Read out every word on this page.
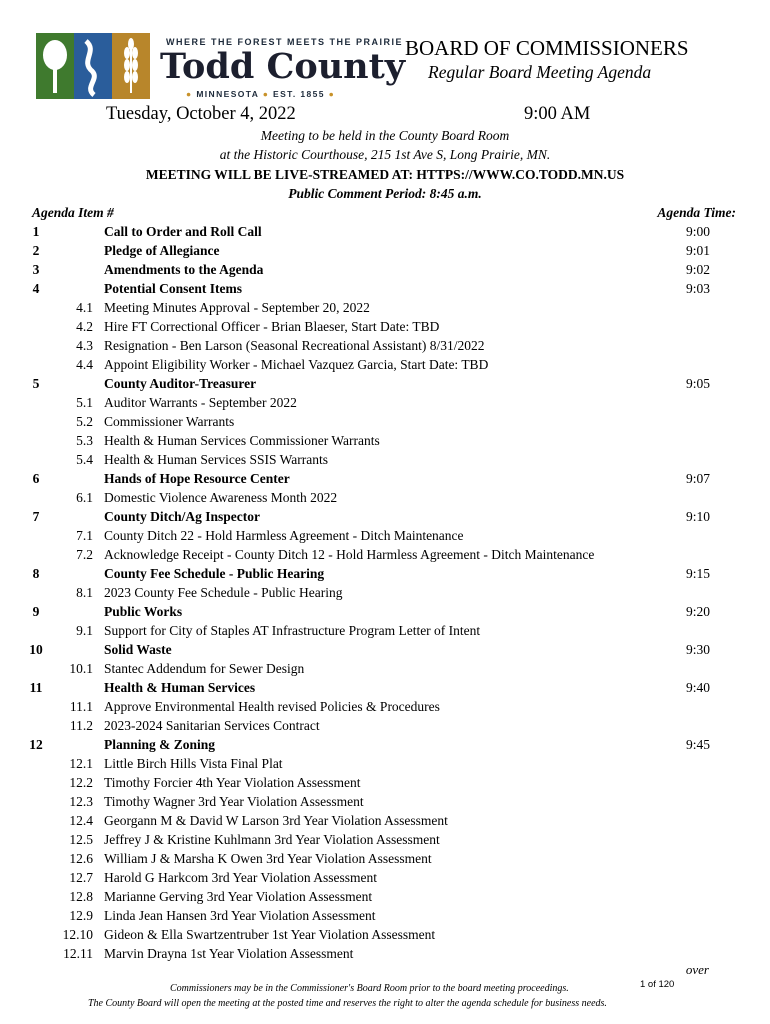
WHERE THE FOREST MEETS THE PRAIRIE
Todd County
● MINNESOTA ● EST. 1855 ●
BOARD OF COMMISSIONERS
Regular Board Meeting Agenda
Tuesday, October 4, 2022	9:00 AM
Meeting to be held in the County Board Room
at the Historic Courthouse, 215 1st Ave S, Long Prairie, MN.
MEETING WILL BE LIVE-STREAMED AT: HTTPS://WWW.CO.TODD.MN.US
Public Comment Period: 8:45 a.m.
Agenda Item #	Agenda Time:
1	Call to Order and Roll Call	9:00
2	Pledge of Allegiance	9:01
3	Amendments to the Agenda	9:02
4	Potential Consent Items	9:03
4.1 Meeting Minutes Approval - September 20, 2022
4.2 Hire FT Correctional Officer - Brian Blaeser, Start Date: TBD
4.3 Resignation - Ben Larson (Seasonal Recreational Assistant) 8/31/2022
4.4 Appoint Eligibility Worker - Michael Vazquez Garcia, Start Date: TBD
5	County Auditor-Treasurer	9:05
5.1 Auditor Warrants - September 2022
5.2 Commissioner Warrants
5.3 Health & Human Services Commissioner Warrants
5.4 Health & Human Services SSIS Warrants
6	Hands of Hope Resource Center	9:07
6.1 Domestic Violence Awareness Month 2022
7	County Ditch/Ag Inspector	9:10
7.1 County Ditch 22 - Hold Harmless Agreement - Ditch Maintenance
7.2 Acknowledge Receipt - County Ditch 12 - Hold Harmless Agreement - Ditch Maintenance
8	County Fee Schedule - Public Hearing	9:15
8.1 2023 County Fee Schedule - Public Hearing
9	Public Works	9:20
9.1 Support for City of Staples AT Infrastructure Program Letter of Intent
10	Solid Waste	9:30
10.1 Stantec Addendum for Sewer Design
11	Health & Human Services	9:40
11.1 Approve Environmental Health revised Policies & Procedures
11.2 2023-2024 Sanitarian Services Contract
12	Planning & Zoning	9:45
12.1 Little Birch Hills Vista Final Plat
12.2 Timothy Forcier 4th Year Violation Assessment
12.3 Timothy Wagner 3rd Year Violation Assessment
12.4 Georgann M & David W Larson 3rd Year Violation Assessment
12.5 Jeffrey J & Kristine Kuhlmann 3rd Year Violation Assessment
12.6 William J & Marsha K Owen 3rd Year Violation Assessment
12.7 Harold G Harkcom 3rd Year Violation Assessment
12.8 Marianne Gerving 3rd Year Violation Assessment
12.9 Linda Jean Hansen 3rd Year Violation Assessment
12.10 Gideon & Ella Swartzentruber 1st Year Violation Assessment
12.11 Marvin Drayna 1st Year Violation Assessment
over
1 of 120
Commissioners may be in the Commissioner's Board Room prior to the board meeting proceedings.
The County Board will open the meeting at the posted time and reserves the right to alter the agenda schedule for business needs.
